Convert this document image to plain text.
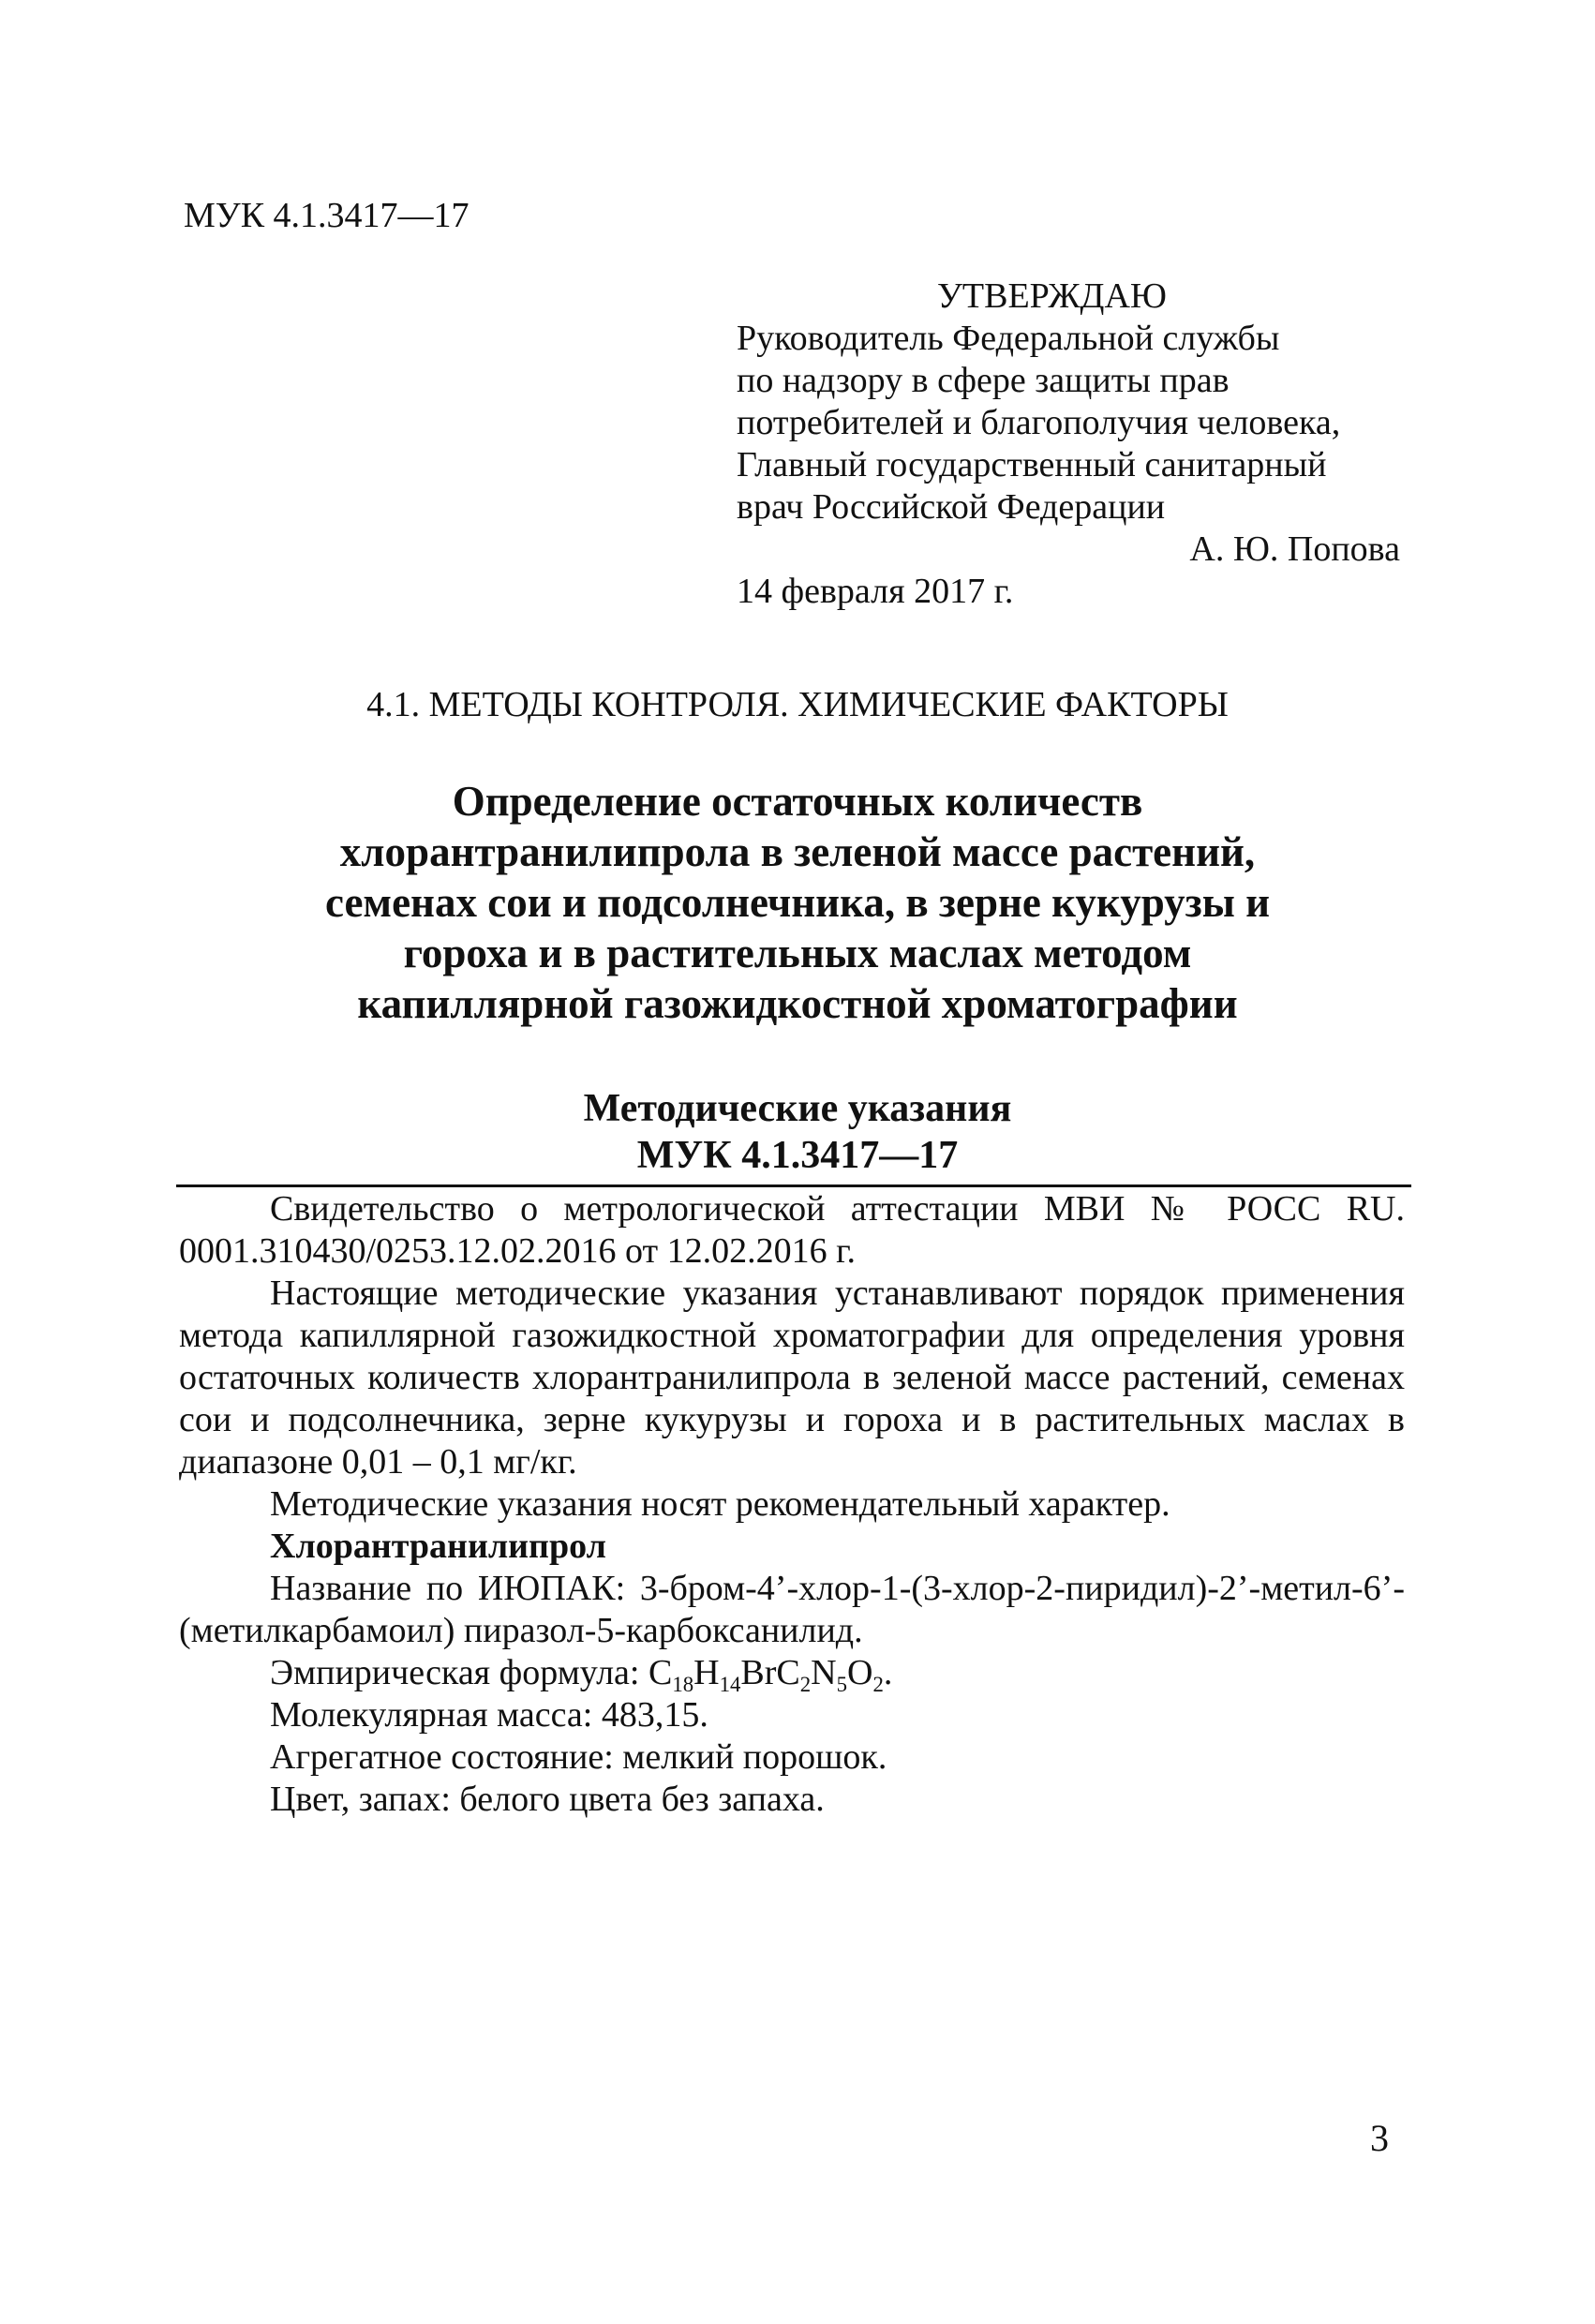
МУК 4.1.3417—17
УТВЕРЖДАЮ
Руководитель Федеральной службы
по надзору в сфере защиты прав
потребителей и благополучия человека,
Главный государственный санитарный
врач Российской Федерации
А. Ю. Попова
14 февраля 2017 г.
4.1. МЕТОДЫ КОНТРОЛЯ. ХИМИЧЕСКИЕ ФАКТОРЫ
Определение остаточных количеств
хлорантранилипрола в зеленой массе растений,
семенах сои и подсолнечника, в зерне кукурузы и
гороха и в растительных маслах методом
капиллярной газожидкостной хроматографии
Методические указания
МУК 4.1.3417—17

Свидетельство о метрологической аттестации МВИ № РОСС RU. 0001.310430/0253.12.02.2016 от 12.02.2016 г.

Настоящие методические указания устанавливают порядок применения метода капиллярной газожидкостной хроматографии для определения уровня остаточных количеств хлорантранилипрола в зеленой массе растений, семенах сои и подсолнечника, зерне кукурузы и гороха и в растительных маслах в диапазоне 0,01 – 0,1 мг/кг.

Методические указания носят рекомендательный характер.

Хлорантранилипрол

Название по ИЮПАК: 3-бром-4’-хлор-1-(3-хлор-2-пиридил)-2’-метил-6’-(метилкарбамоил) пиразол-5-карбоксанилид.

Эмпирическая формула: $C_{18}H_{14}BrC_2N_5O_2$.

Молекулярная масса: 483,15.

Агрегатное состояние: мелкий порошок.

Цвет, запах: белого цвета без запаха.

3
